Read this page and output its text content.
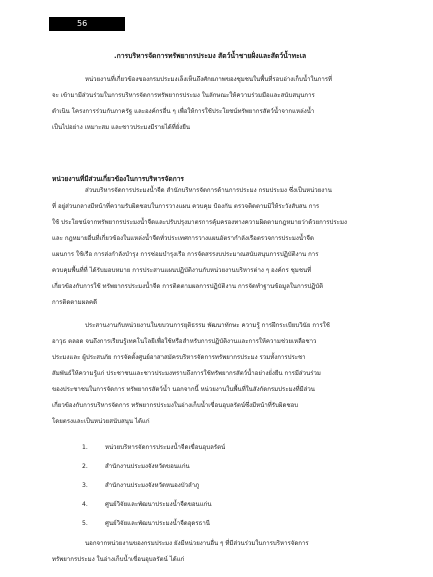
56
.การบริหารจัดการทรัพยากรประมง สัตว์น้ำชายฝั่งและสัตว์น้ำทะเล
หน่วยงานที่เกี่ยวข้องของกรมประมงเล็งเห็นถึงศักยภาพของชุมชนในพื้นที่รอบอ่างเก็บน้ำในการที่
จะ เข้ามามีส่วนร่วมในการบริหารจัดการทรัพยากรประมง ในลักษณะให้ความร่วมมือและสนับสนุนการ
ดำเนิน โครงการร่วมกับภาครัฐ และองค์กรอื่น ๆ เพื่อให้การใช้ประโยชน์ทรัพยากรสัตว์น้ำจากแหล่งน้ำ
เป็นไปอย่าง เหมาะสม และชาวประมงมีรายได้ที่ยั่งยืน
หน่วยงานที่มีส่วนเกี่ยวข้องในการบริหารจัดการ
ส่วนบริหารจัดการประมงน้ำจืด สำนักบริหารจัดการด้านการประมง กรมประมง ซึ่งเป็นหน่วยงาน
ที่ อยู่ส่วนกลางมีหน้าที่ความรับผิดชอบในการวางแผน ควบคุม ป้องกัน ตรวจติดตามมิให้ระวังสับสน การ
ใช้ ประโยชน์จากทรัพยากรประมงน้ำจืดและปรับปรุงมาตรการคุ้มครองทางความผิดตามกฎหมายว่าด้วยการประมง
และ กฎหมายอื่นที่เกี่ยวข้องในแหล่งน้ำจืดทั่วประเทศการวางแผนอัตรากำลังเรือตรวจการประมงน้ำจืด
แผนการ ใช้เรือ การส่งกำลังบำรุง การซ่อมบำรุงเรือ การจัดสรรงบประมาณสนับสนุนการปฏิบัติงาน การ
ควบคุมพื้นที่ที่ ได้รับมอบหมาย การประสานแผนปฏิบัติงานกับหน่วยงานบริหารต่าง ๆ องค์กร ชุมชนที่
เกี่ยวข้องกับการใช้ ทรัพยากรประมงน้ำจืด การติดตามผลการปฏิบัติงาน การจัดทำฐานข้อมูลในการปฏิบัติ
การติดตามผลคดี
ประสานงานกับหน่วยงานในขบวนการยุติธรรม พัฒนาทักษะ ความรู้ การฝึกระเบียบวินัย การใช้
อาวุธ ตลอด จนถึงการเรียนรู้เทคโนโลยีเพื่อใช้หรือสำหรับการปฏิบัติงานและการให้ความช่วยเหลือชาว
ประมงและ ผู้ประสบภัย การจัดตั้งศูนย์อาสาสมัครบริหารจัดการทรัพยากรประมง รวมทั้งการประชา
สัมพันธ์ให้ความรู้แก่ ประชาชนและชาวประมงทราบถึงการใช้ทรัพยากรสัตว์น้ำอย่างยั่งยืน การมีส่วนร่วม
ของประชาชนในการจัดการ ทรัพยากรสัตว์น้ำ นอกจากนี้ หน่วยงานในพื้นที่ในสังกัดกรมประมงที่มีส่วน
เกี่ยวข้องกับการบริหารจัดการ ทรัพยากรประมงในอ่างเก็บน้ำเขื่อนอุบลรัตน์ซึ่งมีหน้าที่รับผิดชอบ
โดยตรงและเป็นหน่วยสนับสนุน ได้แก่
1.	หน่วยบริหารจัดการประมงน้ำจืดเขื่อนอุบลรัตน์
2.	สำนักงานประมงจังหวัดขอนแก่น
3.	สำนักงานประมงจังหวัดหนองบัวลำภู
4.	ศูนย์วิจัยและพัฒนาประมงน้ำจืดขอนแก่น
5.	ศูนย์วิจัยและพัฒนาประมงน้ำจืดอุดรธานี
นอกจากหน่วยงานของกรมประมง ยังมีหน่วยงานอื่น ๆ ที่มีส่วนร่วมในการบริหารจัดการ
ทรัพยากรประมง ในอ่างเก็บน้ำเขื่อนอุบลรัตน์ ได้แก่
